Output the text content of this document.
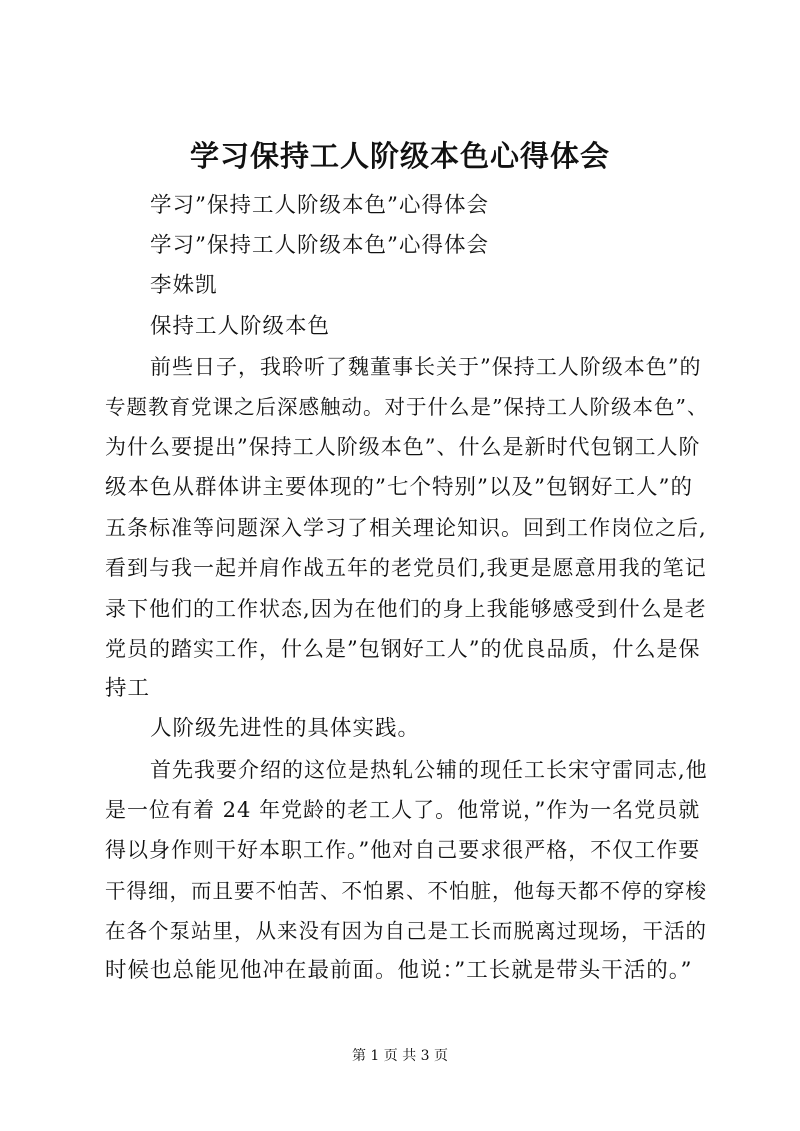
学习保持工人阶级本色心得体会
学习”保持工人阶级本色”心得体会
学习”保持工人阶级本色”心得体会
李姝凯
保持工人阶级本色
前些日子，我聆听了魏董事长关于”保持工人阶级本色”的
专题教育党课之后深感触动。对于什么是”保持工人阶级本色”、
为什么要提出”保持工人阶级本色”、什么是新时代包钢工人阶
级本色从群体讲主要体现的”七个特别”以及”包钢好工人”的
五条标准等问题深入学习了相关理论知识。回到工作岗位之后,
看到与我一起并肩作战五年的老党员们,我更是愿意用我的笔记
录下他们的工作状态,因为在他们的身上我能够感受到什么是老
党员的踏实工作，什么是”包钢好工人”的优良品质，什么是保
持工
人阶级先进性的具体实践。
首先我要介绍的这位是热轧公辅的现任工长宋守雷同志,他
是一位有着 24 年党龄的老工人了。他常说，”作为一名党员就
得以身作则干好本职工作。”他对自己要求很严格，不仅工作要
干得细，而且要不怕苦、不怕累、不怕脏，他每天都不停的穿梭
在各个泵站里，从来没有因为自己是工长而脱离过现场，干活的
时候也总能见他冲在最前面。他说：”工长就是带头干活的。”
第 1 页 共 3 页
